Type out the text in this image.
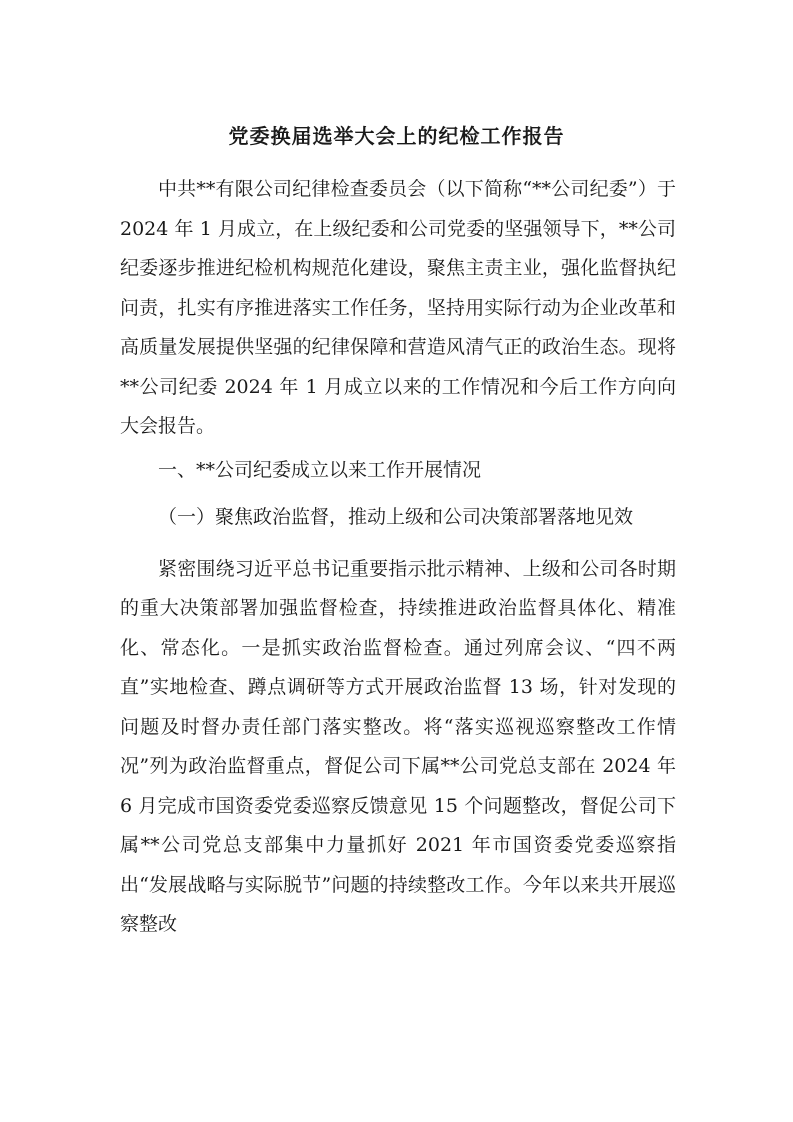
党委换届选举大会上的纪检工作报告

中共**有限公司纪律检查委员会（以下简称“**公司纪委”）于 2024 年 1 月成立，在上级纪委和公司党委的坚强领导下，**公司纪委逐步推进纪检机构规范化建设，聚焦主责主业，强化监督执纪问责，扎实有序推进落实工作任务，坚持用实际行动为企业改革和高质量发展提供坚强的纪律保障和营造风清气正的政治生态。现将**公司纪委 2024 年 1 月成立以来的工作情况和今后工作方向向大会报告。

一、**公司纪委成立以来工作开展情况

（一）聚焦政治监督，推动上级和公司决策部署落地见效

紧密围绕习近平总书记重要指示批示精神、上级和公司各时期的重大决策部署加强监督检查，持续推进政治监督具体化、精准化、常态化。一是抓实政治监督检查。通过列席会议、“四不两直”实地检查、蹲点调研等方式开展政治监督 13 场，针对发现的问题及时督办责任部门落实整改。将“落实巡视巡察整改工作情况”列为政治监督重点，督促公司下属**公司党总支部在 2024 年 6 月完成市国资委党委巡察反馈意见 15 个问题整改，督促公司下属**公司党总支部集中力量抓好 2021 年市国资委党委巡察指出“发展战略与实际脱节”问题的持续整改工作。今年以来共开展巡察整改
